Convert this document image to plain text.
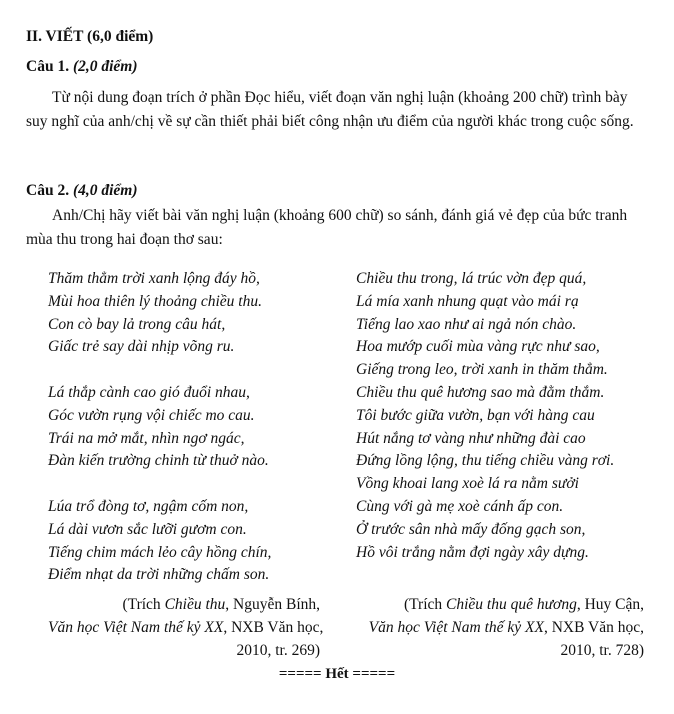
II. VIẾT (6,0 điểm)
Câu 1. (2,0 điểm)
Từ nội dung đoạn trích ở phần Đọc hiểu, viết đoạn văn nghị luận (khoảng 200 chữ) trình bày suy nghĩ của anh/chị về sự cần thiết phải biết công nhận ưu điểm của người khác trong cuộc sống.
Câu 2. (4,0 điểm)
Anh/Chị hãy viết bài văn nghị luận (khoảng 600 chữ) so sánh, đánh giá vẻ đẹp của bức tranh mùa thu trong hai đoạn thơ sau:
Thăm thẳm trời xanh lộng đáy hồ,
Mùi hoa thiên lý thoảng chiều thu.
Con cò bay lả trong câu hát,
Giấc trẻ say dài nhịp võng ru.
Lá thắp cành cao gió đuổi nhau,
Góc vườn rụng vội chiếc mo cau.
Trái na mở mắt, nhìn ngơ ngác,
Đàn kiến trường chinh từ thuở nào.
Lúa trổ đòng tơ, ngậm cốm non,
Lá dài vươn sắc lưỡi gươm con.
Tiếng chim mách lẻo cây hồng chín,
Điểm nhạt da trời những chấm son.
Chiều thu trong, lá trúc vờn đẹp quá,
Lá mía xanh nhung quạt vào mái rạ
Tiếng lao xao như ai ngả nón chào.
Hoa mướp cuối mùa vàng rực như sao,
Giếng trong leo, trời xanh in thăm thẳm.
Chiều thu quê hương sao mà đằm thắm.
Tôi bước giữa vườn, bạn với hàng cau
Hút nắng tơ vàng như những đài cao
Đứng lồng lộng, thu tiếng chiều vàng rơi.
Vồng khoai lang xoè lá ra nằm sưởi
Cùng với gà mẹ xoè cánh ấp con.
Ở trước sân nhà mấy đống gạch son,
Hồ vôi trắng nằm đợi ngày xây dựng.
(Trích Chiều thu, Nguyễn Bính,
Văn học Việt Nam thế kỷ XX, NXB Văn học,
2010, tr. 269)
(Trích Chiều thu quê hương, Huy Cận,
Văn học Việt Nam thế kỷ XX, NXB Văn học,
2010, tr. 728)
===== Hết =====
